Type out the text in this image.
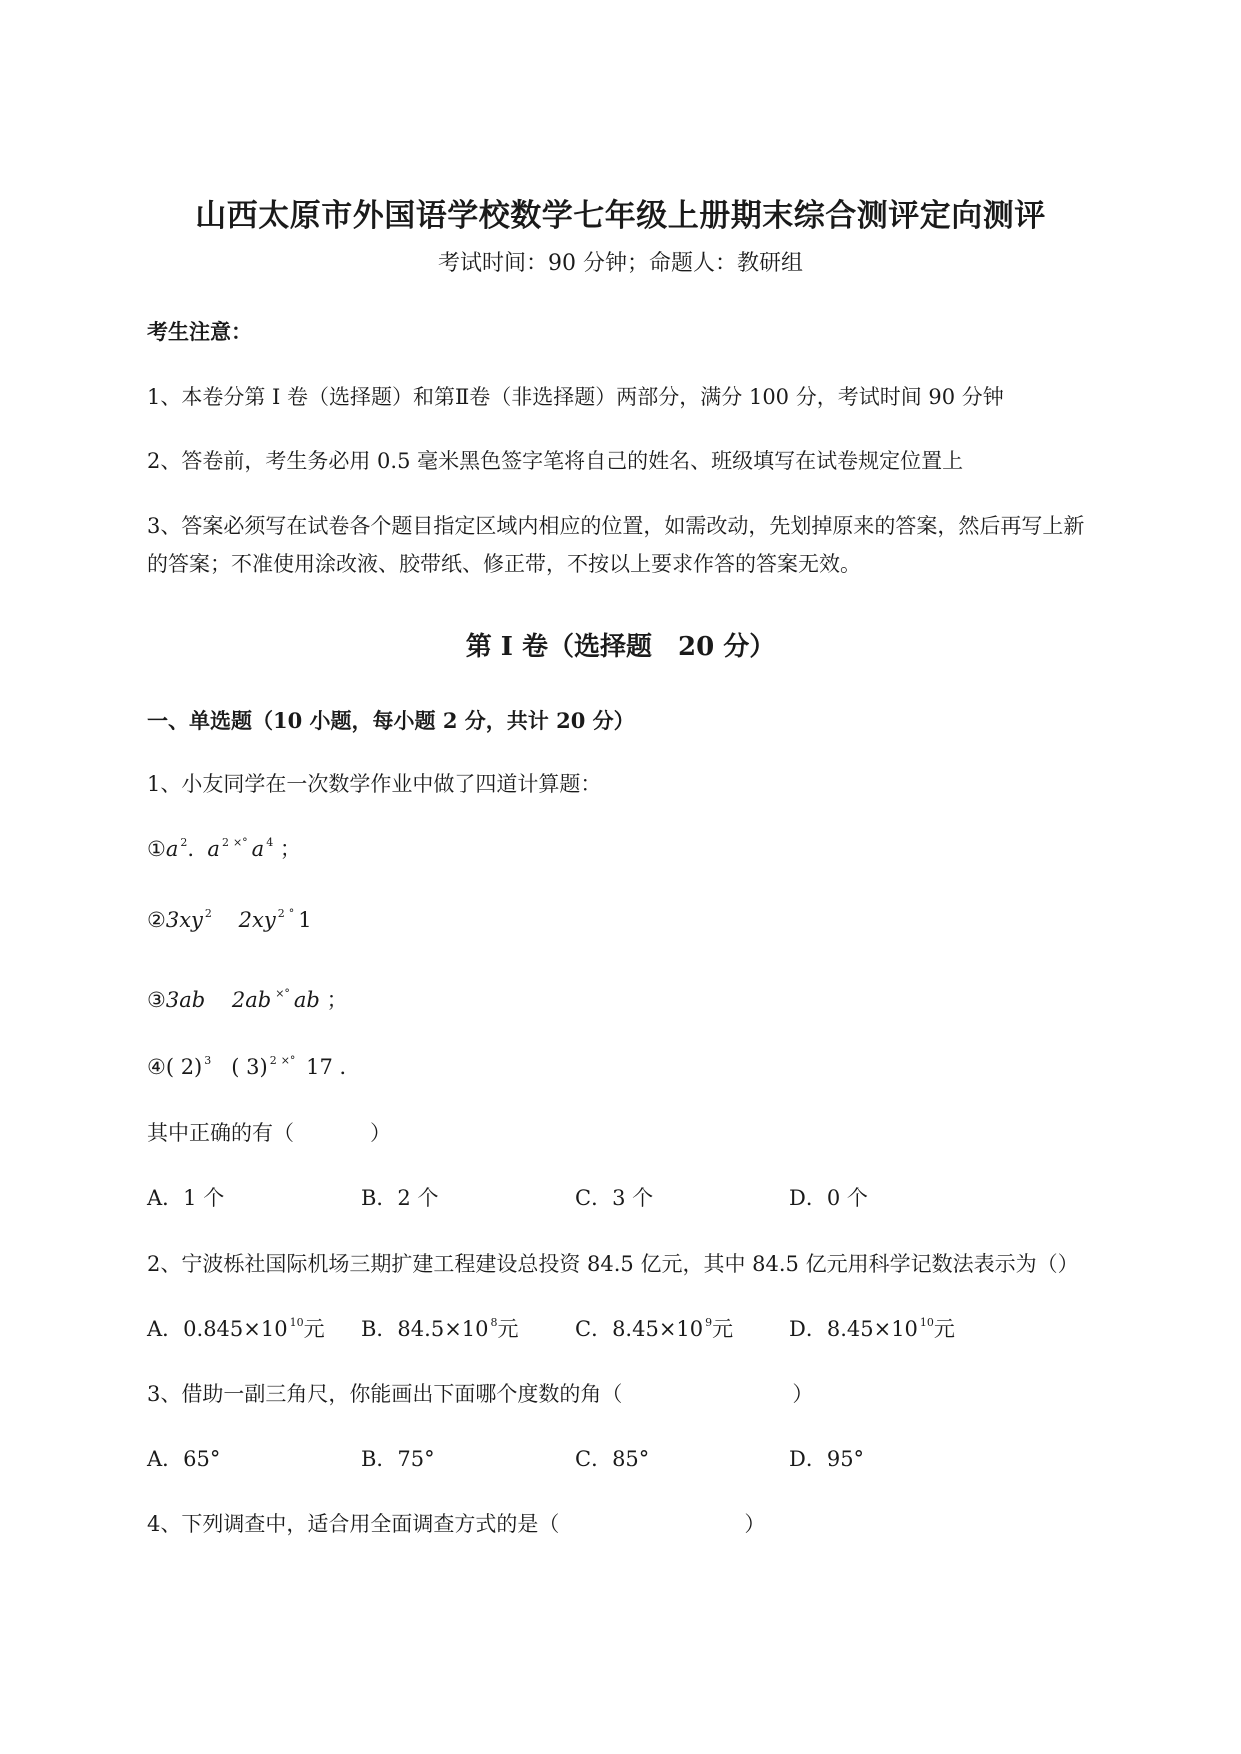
山西太原市外国语学校数学七年级上册期末综合测评定向测评
考试时间：90 分钟；命题人：教研组
考生注意：
1、本卷分第 I 卷（选择题）和第Ⅱ卷（非选择题）两部分，满分 100 分，考试时间 90 分钟
2、答卷前，考生务必用 0.5 毫米黑色签字笔将自己的姓名、班级填写在试卷规定位置上
3、答案必须写在试卷各个题目指定区域内相应的位置，如需改动，先划掉原来的答案，然后再写上新
的答案；不准使用涂改液、胶带纸、修正带，不按以上要求作答的答案无效。
第 I 卷（选择题　20 分）
一、单选题（10 小题，每小题 2 分，共计 20 分）
1、小友同学在一次数学作业中做了四道计算题：
①a $^2$. a $^2$ ×° a $^4$ ；
②3xy $^2$ 2xy $^2$ ° 1
③3ab 2ab ×° ab ；
④( 2) $^3$ ( 3) $^2$ ×° 17 ．
其中正确的有（	）
A．1 个	B．2 个	C．3 个	D．0 个
2、宁波栎社国际机场三期扩建工程建设总投资 84.5 亿元，其中 84.5 亿元用科学记数法表示为（）
A．0.845×10 $^{10}$元 B．84.5×10 $^8$元	C．8.45×10 $^9$元	D．8.45×10 $^{10}$元
3、借助一副三角尺，你能画出下面哪个度数的角（	）
A．65°	B．75°	C．85°	D．95°
4、下列调查中，适合用全面调查方式的是（	）
